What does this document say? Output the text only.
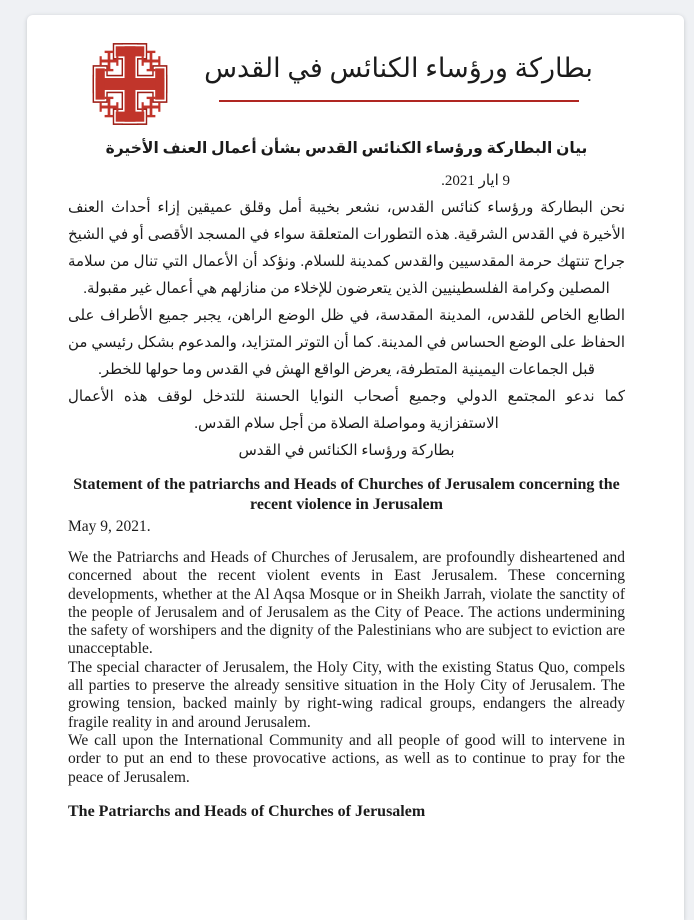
بطاركة ورؤساء الكنائس في القدس
بيان البطاركة ورؤساء الكنائس القدس بشأن أعمال العنف الأخيرة
9 ايار 2021.

نحن البطاركة ورؤساء كنائس القدس، نشعر بخيبة أمل وقلق عميقين إزاء أحداث العنف الأخيرة في القدس الشرقية. هذه التطورات المتعلقة سواء في المسجد الأقصى أو في الشيخ جراح تنتهك حرمة المقدسيين والقدس كمدينة للسلام. ونؤكد أن الأعمال التي تنال من سلامة المصلين وكرامة الفلسطينيين الذين يتعرضون للإخلاء من منازلهم هي أعمال غير مقبولة.

الطابع الخاص للقدس، المدينة المقدسة، في ظل الوضع الراهن، يجبر جميع الأطراف على الحفاظ على الوضع الحساس في المدينة. كما أن التوتر المتزايد، والمدعوم بشكل رئيسي من قبل الجماعات اليمينية المتطرفة، يعرض الواقع الهش في القدس وما حولها للخطر.

كما ندعو المجتمع الدولي وجميع أصحاب النوايا الحسنة للتدخل لوقف هذه الأعمال الاستفزازية ومواصلة الصلاة من أجل سلام القدس.

بطاركة ورؤساء الكنائس في القدس
Statement of the patriarchs and Heads of Churches of Jerusalem concerning the recent violence in Jerusalem
May 9, 2021.

We the Patriarchs and Heads of Churches of Jerusalem, are profoundly disheartened and concerned about the recent violent events in East Jerusalem. These concerning developments, whether at the Al Aqsa Mosque or in Sheikh Jarrah, violate the sanctity of the people of Jerusalem and of Jerusalem as the City of Peace. The actions undermining the safety of worshipers and the dignity of the Palestinians who are subject to eviction are unacceptable.

The special character of Jerusalem, the Holy City, with the existing Status Quo, compels all parties to preserve the already sensitive situation in the Holy City of Jerusalem. The growing tension, backed mainly by right-wing radical groups, endangers the already fragile reality in and around Jerusalem.

We call upon the International Community and all people of good will to intervene in order to put an end to these provocative actions, as well as to continue to pray for the peace of Jerusalem.

The Patriarchs and Heads of Churches of Jerusalem
